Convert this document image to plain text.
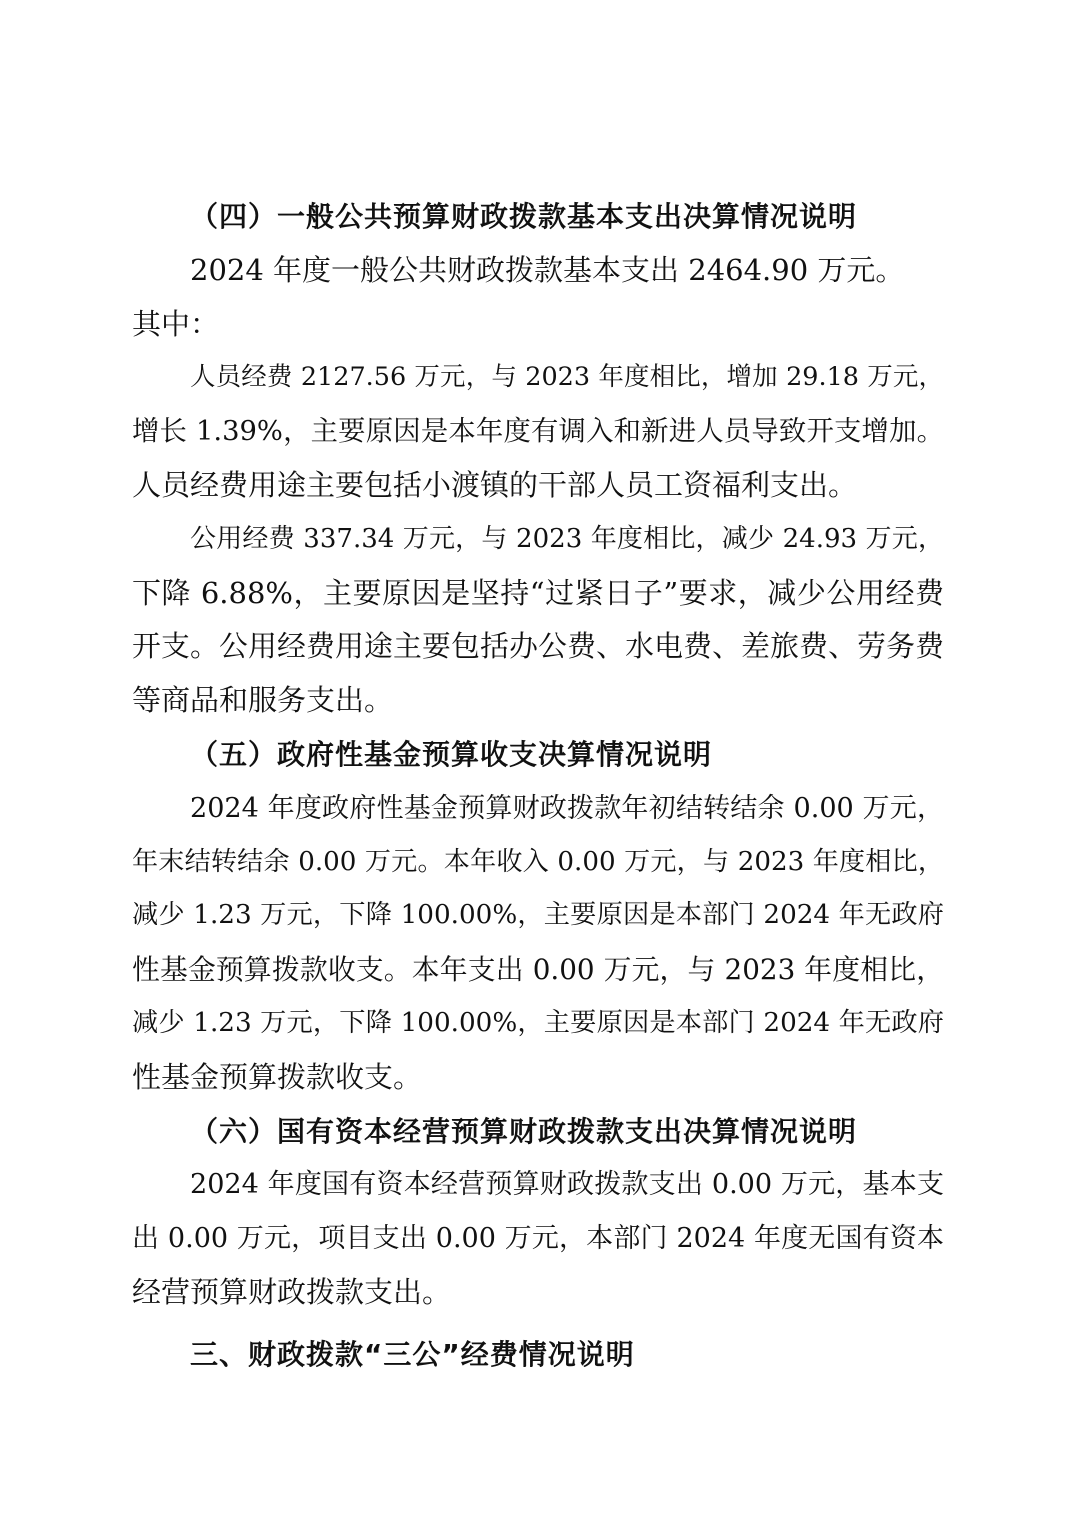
（四）一般公共预算财政拨款基本支出决算情况说明
2024 年度一般公共财政拨款基本支出 2464.90 万元。
其中：
人员经费 2127.56 万元，与 2023 年度相比，增加 29.18 万元，
增长 1.39%，主要原因是本年度有调入和新进人员导致开支增加。
人员经费用途主要包括小渡镇的干部人员工资福利支出。
公用经费 337.34 万元，与 2023 年度相比，减少 24.93 万元，
下降 6.88%，主要原因是坚持“过紧日子”要求，减少公用经费
开支。公用经费用途主要包括办公费、水电费、差旅费、劳务费
等商品和服务支出。
（五）政府性基金预算收支决算情况说明
2024 年度政府性基金预算财政拨款年初结转结余 0.00 万元，
年末结转结余 0.00 万元。本年收入 0.00 万元，与 2023 年度相比，
减少 1.23 万元，下降 100.00%，主要原因是本部门 2024 年无政府
性基金预算拨款收支。本年支出 0.00 万元，与 2023 年度相比，
减少 1.23 万元，下降 100.00%，主要原因是本部门 2024 年无政府
性基金预算拨款收支。
（六）国有资本经营预算财政拨款支出决算情况说明
2024 年度国有资本经营预算财政拨款支出 0.00 万元，基本支
出 0.00 万元，项目支出 0.00 万元，本部门 2024 年度无国有资本
经营预算财政拨款支出。
三、财政拨款“三公”经费情况说明
